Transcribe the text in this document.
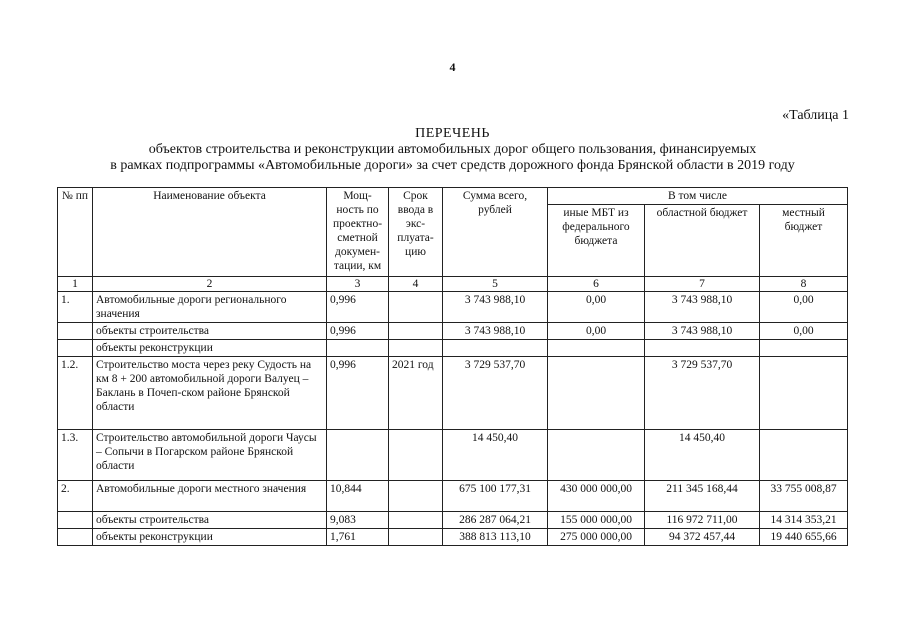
4
«Таблица 1
ПЕРЕЧЕНЬ
объектов строительства и реконструкции автомобильных дорог общего пользования, финансируемых
в рамках подпрограммы «Автомобильные дороги» за счет средств дорожного фонда Брянской области в 2019 году
№ пп	Наименование объекта	Мощ-ность по проектно-сметной докумен-тации, км	Срок ввода в экс-плуата-цию	Сумма всего, рублей	В том числе		
					иные МБТ из федерального бюджета	областной бюджет	местный бюджет
1	2	3	4	5	6	7	8
1.	Автомобильные дороги регионального значения	0,996		3 743 988,10	0,00	3 743 988,10	0,00
	объекты строительства	0,996		3 743 988,10	0,00	3 743 988,10	0,00
	объекты реконструкции						
1.2.	Строительство моста через реку Судость на км 8 + 200 автомобильной дороги Валуец – Баклань в Почеп-ском районе Брянской области	0,996	2021 год	3 729 537,70		3 729 537,70	
1.3.	Строительство автомобильной дороги Чаусы – Сопычи в Погарском районе Брянской области			14 450,40		14 450,40	
2.	Автомобильные дороги местного значения	10,844		675 100 177,31	430 000 000,00	211 345 168,44	33 755 008,87
	объекты строительства	9,083		286 287 064,21	155 000 000,00	116 972 711,00	14 314 353,21
	объекты реконструкции	1,761		388 813 113,10	275 000 000,00	94 372 457,44	19 440 655,66
